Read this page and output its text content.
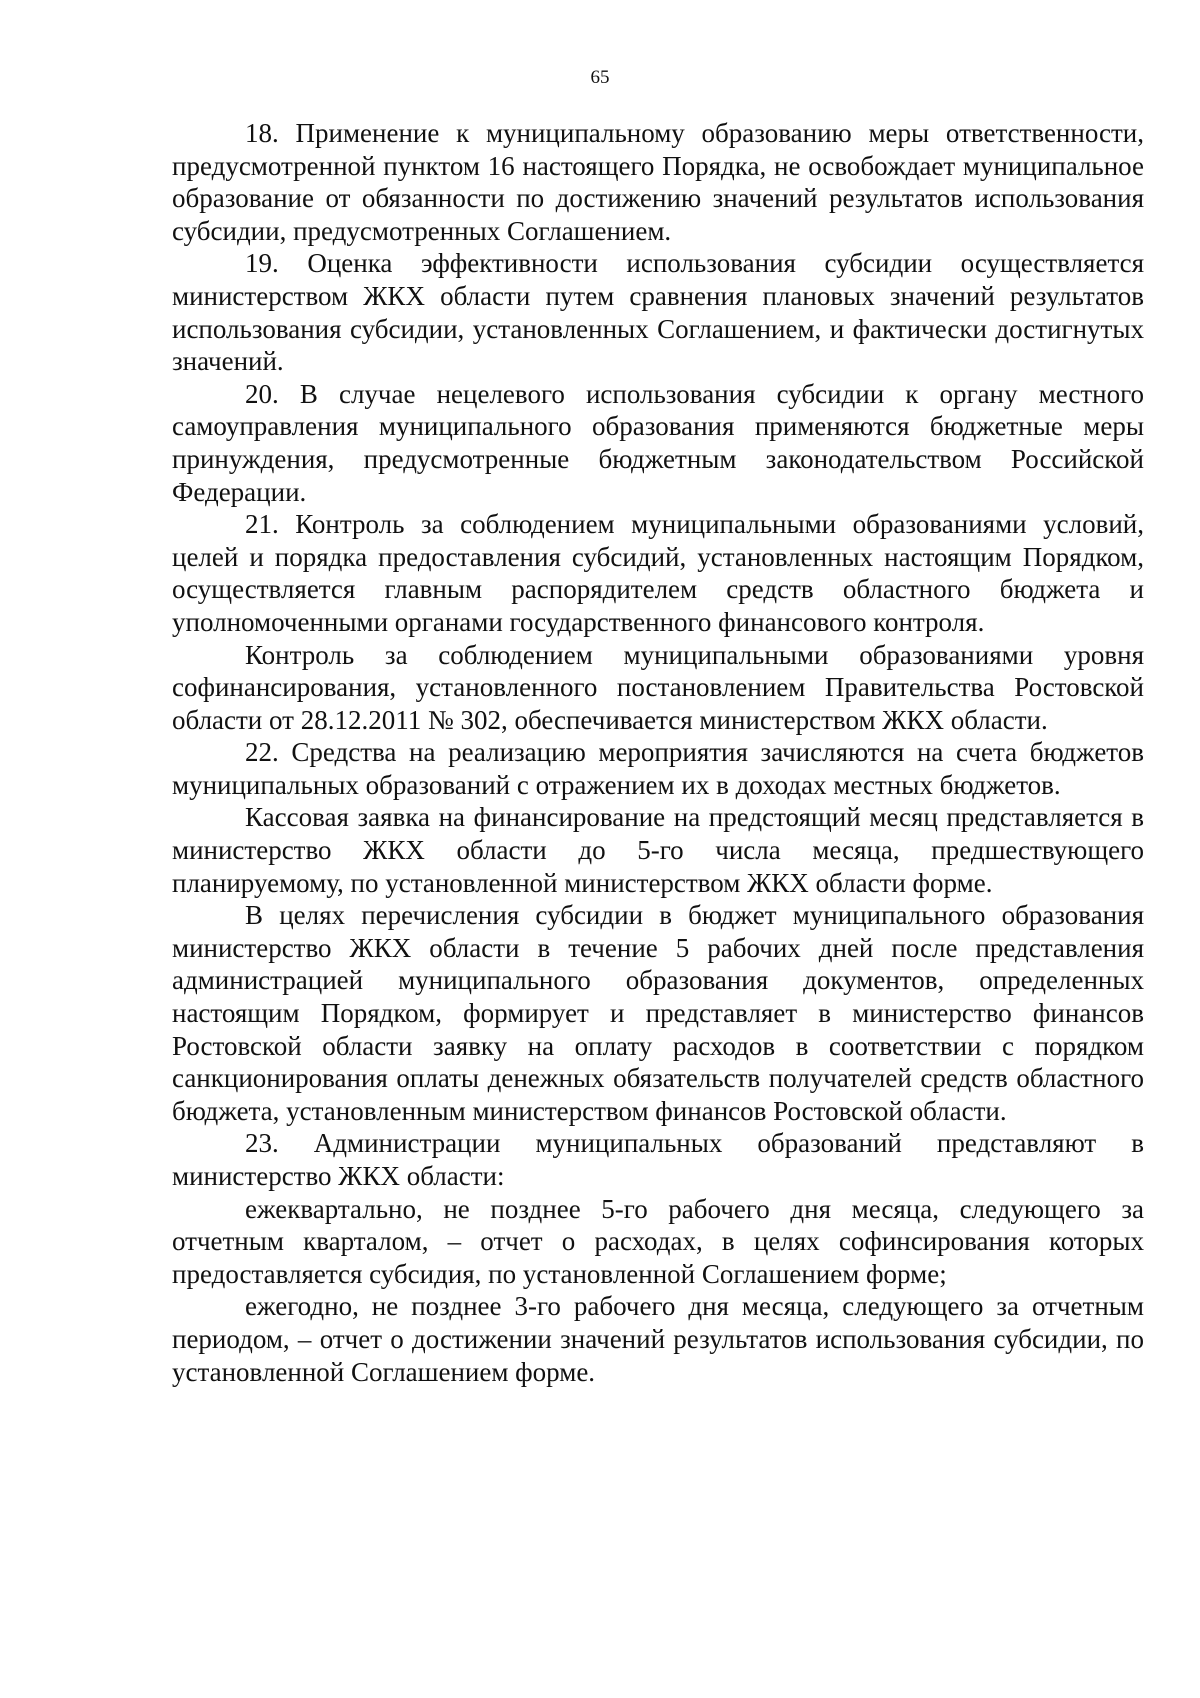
65

18. Применение к муниципальному образованию меры ответственности, предусмотренной пунктом 16 настоящего Порядка, не освобождает муниципальное образование от обязанности по достижению значений результатов использования субсидии, предусмотренных Соглашением.

19. Оценка эффективности использования субсидии осуществляется министерством ЖКХ области путем сравнения плановых значений результатов использования субсидии, установленных Соглашением, и фактически достигнутых значений.

20. В случае нецелевого использования субсидии к органу местного самоуправления муниципального образования применяются бюджетные меры принуждения, предусмотренные бюджетным законодательством Российской Федерации.

21. Контроль за соблюдением муниципальными образованиями условий, целей и порядка предоставления субсидий, установленных настоящим Порядком, осуществляется главным распорядителем средств областного бюджета и уполномоченными органами государственного финансового контроля.

Контроль за соблюдением муниципальными образованиями уровня софинансирования, установленного постановлением Правительства Ростовской области от 28.12.2011 № 302, обеспечивается министерством ЖКХ области.

22. Средства на реализацию мероприятия зачисляются на счета бюджетов муниципальных образований с отражением их в доходах местных бюджетов.

Кассовая заявка на финансирование на предстоящий месяц представляется в министерство ЖКХ области до 5-го числа месяца, предшествующего планируемому, по установленной министерством ЖКХ области форме.

В целях перечисления субсидии в бюджет муниципального образования министерство ЖКХ области в течение 5 рабочих дней после представления администрацией муниципального образования документов, определенных настоящим Порядком, формирует и представляет в министерство финансов Ростовской области заявку на оплату расходов в соответствии с порядком санкционирования оплаты денежных обязательств получателей средств областного бюджета, установленным министерством финансов Ростовской области.

23. Администрации муниципальных образований представляют в министерство ЖКХ области:

ежеквартально, не позднее 5-го рабочего дня месяца, следующего за отчетным кварталом, – отчет о расходах, в целях софинсирования которых предоставляется субсидия, по установленной Соглашением форме;

ежегодно, не позднее 3-го рабочего дня месяца, следующего за отчетным периодом, – отчет о достижении значений результатов использования субсидии, по установленной Соглашением форме.
